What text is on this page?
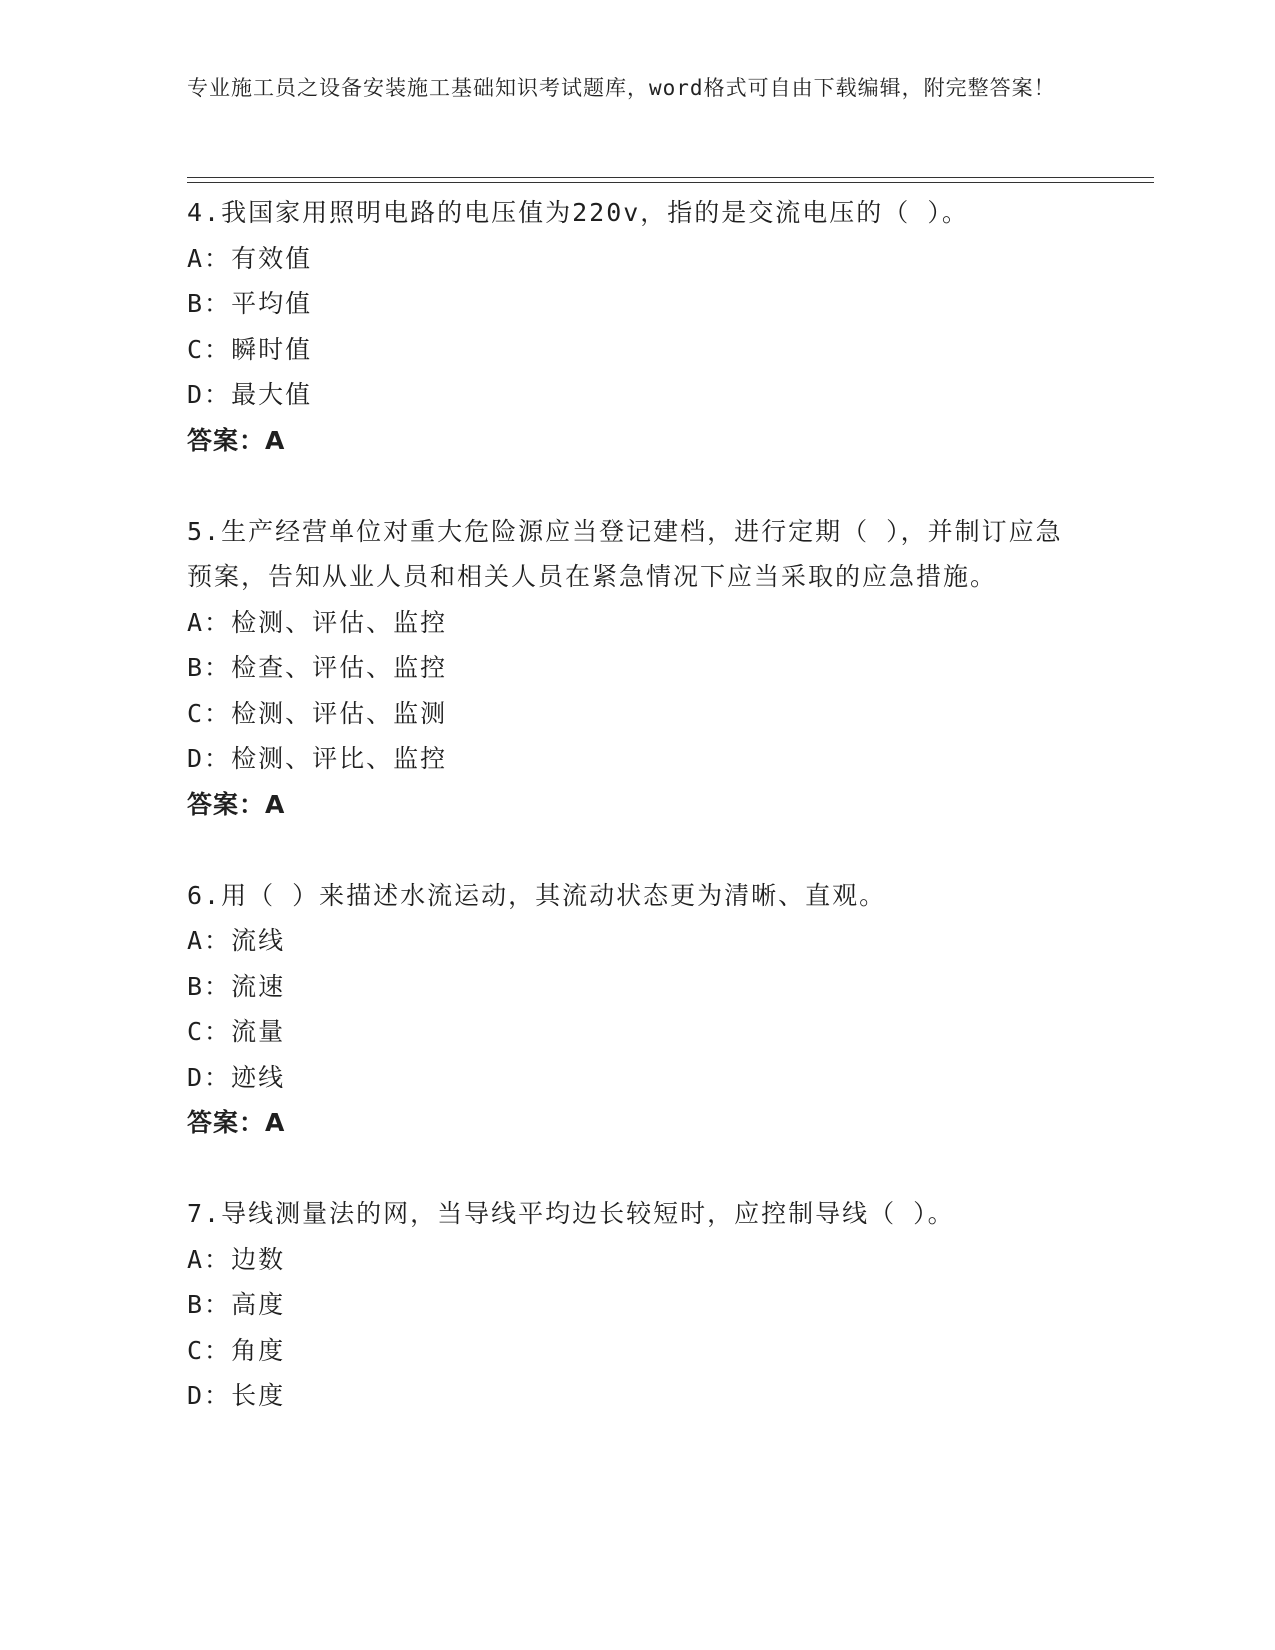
专业施工员之设备安装施工基础知识考试题库，word格式可自由下载编辑，附完整答案！
4.我国家用照明电路的电压值为220v，指的是交流电压的（ ）。
A：有效值
B：平均值
C：瞬时值
D：最大值
答案：A
5.生产经营单位对重大危险源应当登记建档，进行定期（ ），并制订应急预案，告知从业人员和相关人员在紧急情况下应当采取的应急措施。
A：检测、评估、监控
B：检查、评估、监控
C：检测、评估、监测
D：检测、评比、监控
答案：A
6.用（ ）来描述水流运动，其流动状态更为清晰、直观。
A：流线
B：流速
C：流量
D：迹线
答案：A
7.导线测量法的网，当导线平均边长较短时，应控制导线（ ）。
A：边数
B：高度
C：角度
D：长度
